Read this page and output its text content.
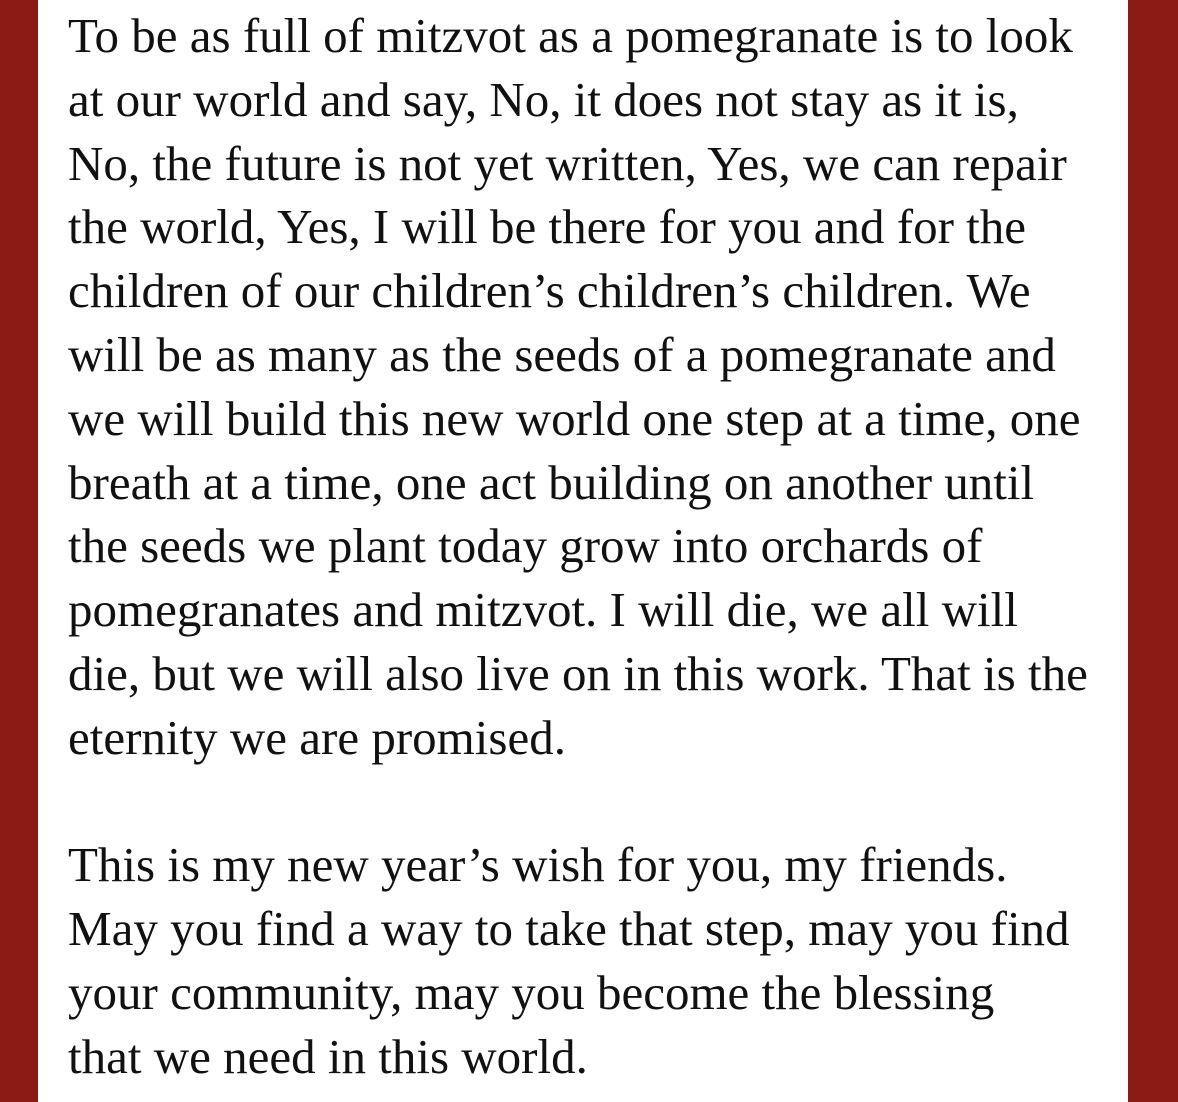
To be as full of mitzvot as a pomegranate is to look
at our world and say, No, it does not stay as it is,
No, the future is not yet written, Yes, we can repair
the world, Yes, I will be there for you and for the
children of our children’s children’s children. We
will be as many as the seeds of a pomegranate and
we will build this new world one step at a time, one
breath at a time, one act building on another until
the seeds we plant today grow into orchards of
pomegranates and mitzvot. I will die, we all will
die, but we will also live on in this work. That is the
eternity we are promised.

This is my new year’s wish for you, my friends.
May you find a way to take that step, may you find
your community, may you become the blessing
that we need in this world.
